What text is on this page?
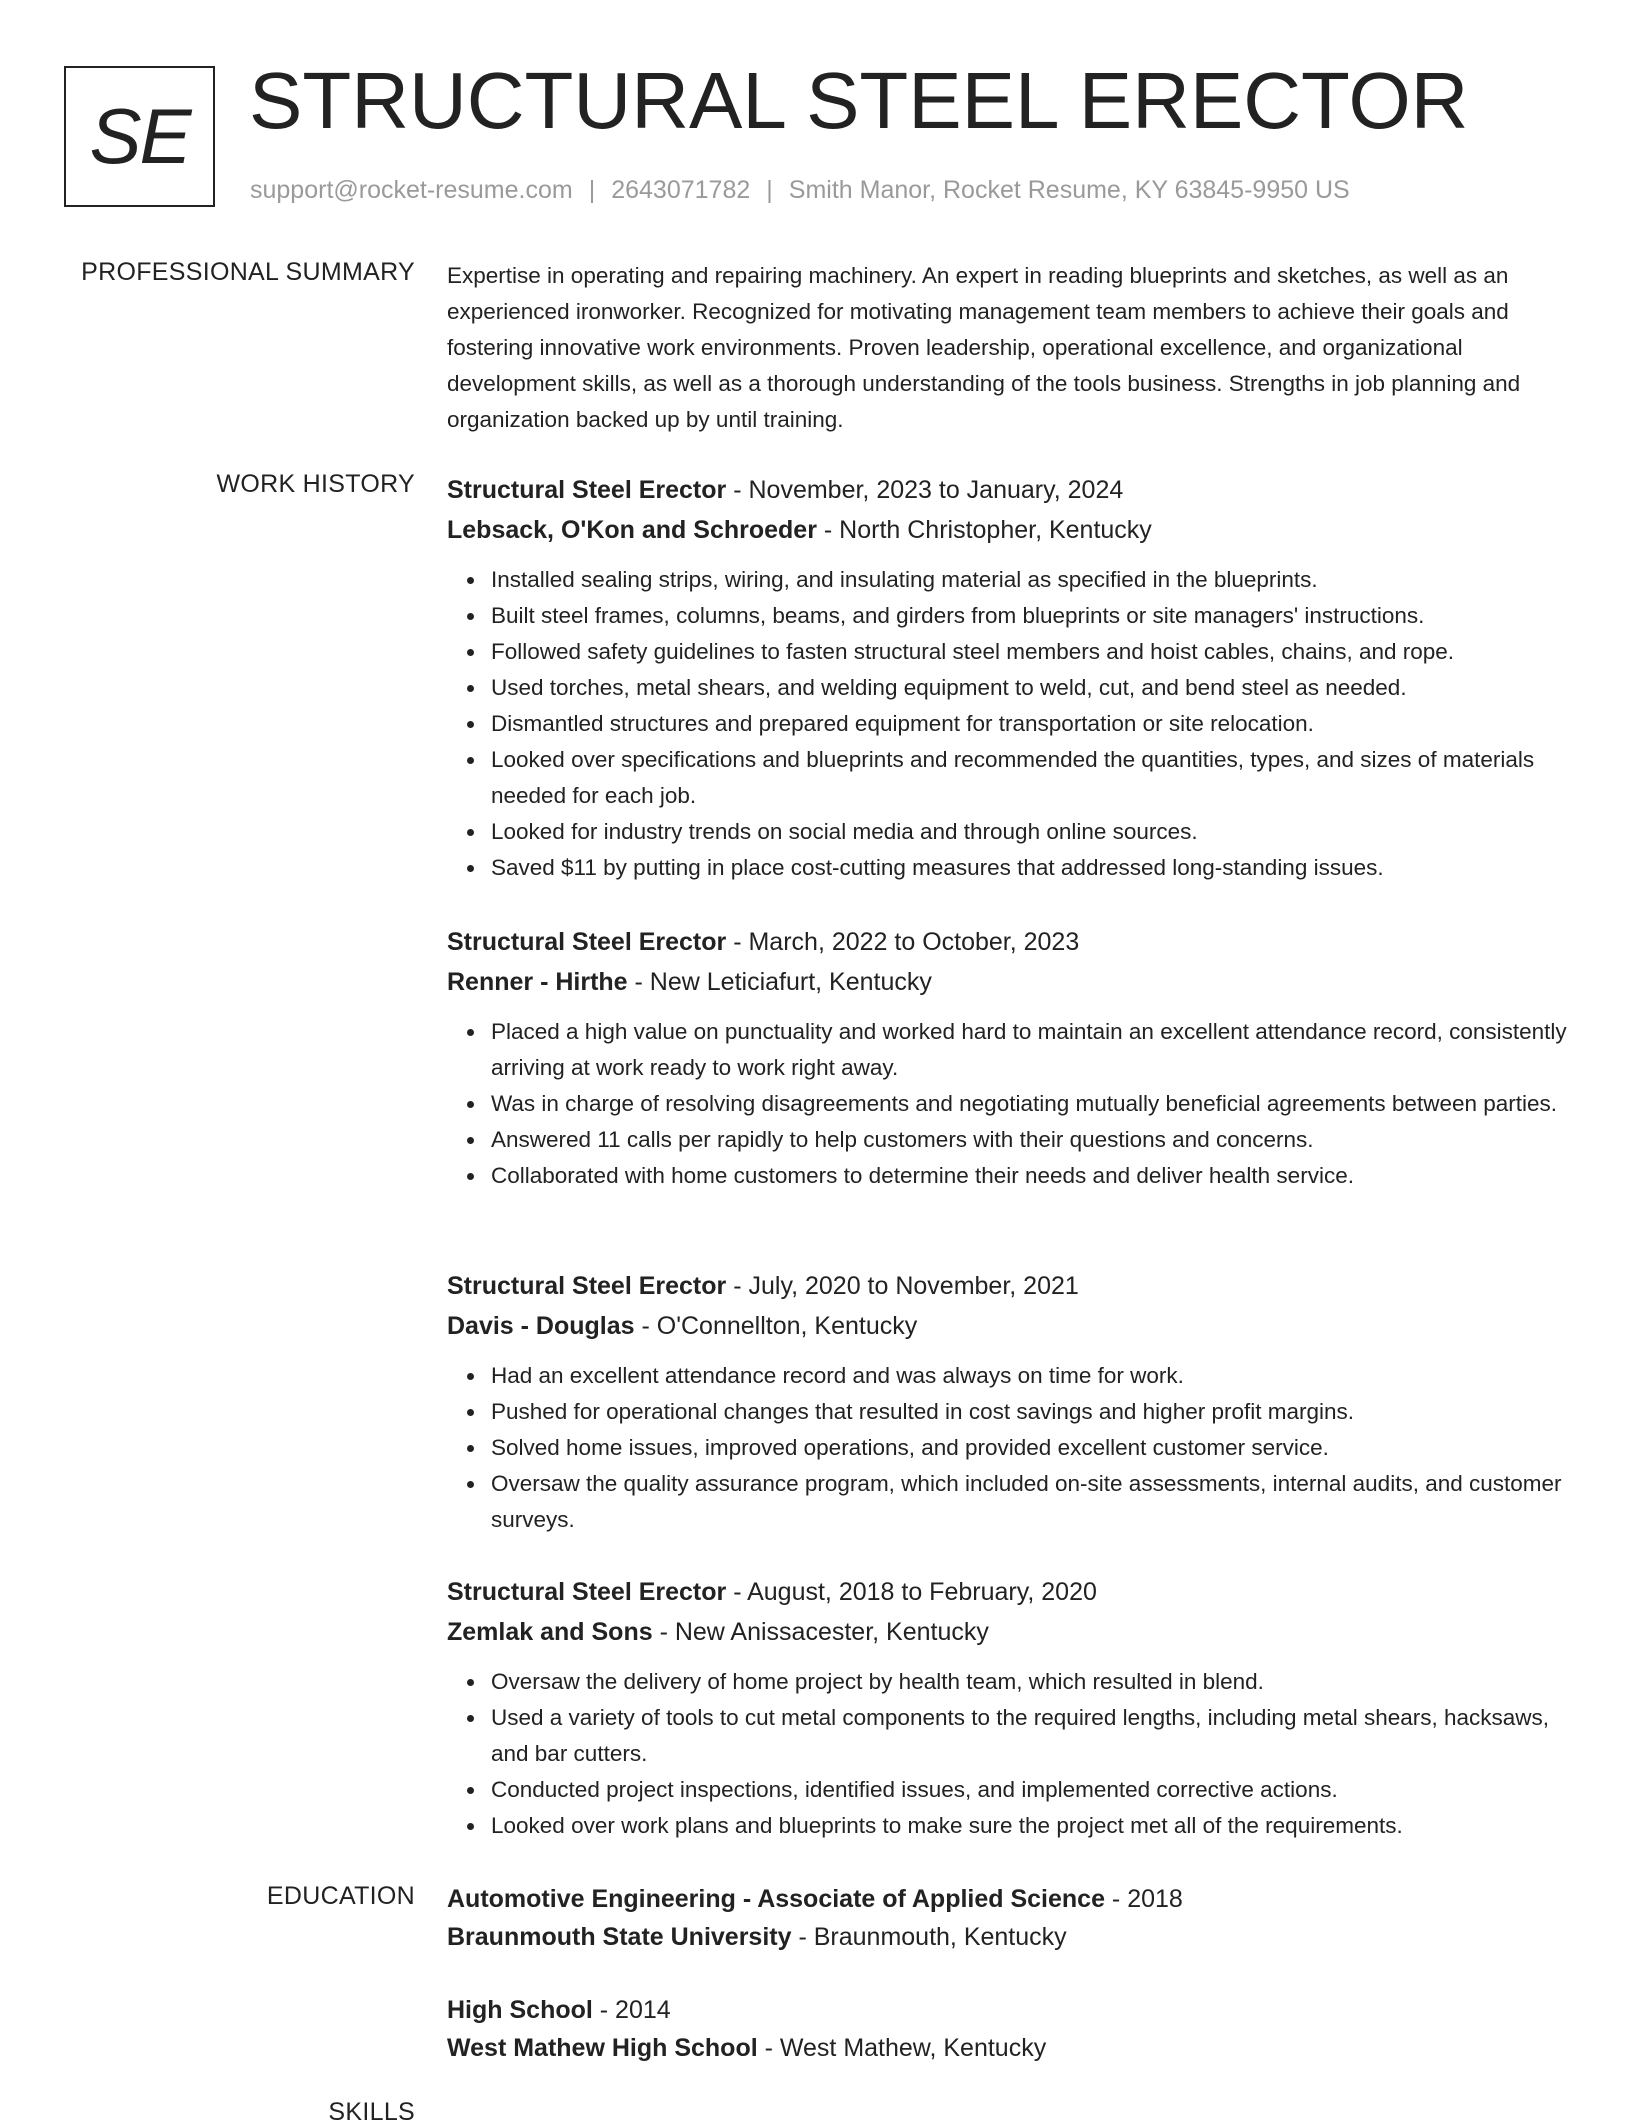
SE STRUCTURAL STEEL ERECTOR
support@rocket-resume.com | 2643071782 | Smith Manor, Rocket Resume, KY 63845-9950 US
PROFESSIONAL SUMMARY Expertise in operating and repairing machinery. An expert in reading blueprints and sketches, as well as an experienced ironworker. Recognized for motivating management team members to achieve their goals and fostering innovative work environments. Proven leadership, operational excellence, and organizational development skills, as well as a thorough understanding of the tools business. Strengths in job planning and organization backed up by until training.
WORK HISTORY Structural Steel Erector - November, 2023 to January, 2024
Lebsack, O'Kon and Schroeder - North Christopher, Kentucky
Installed sealing strips, wiring, and insulating material as specified in the blueprints.
Built steel frames, columns, beams, and girders from blueprints or site managers' instructions.
Followed safety guidelines to fasten structural steel members and hoist cables, chains, and rope.
Used torches, metal shears, and welding equipment to weld, cut, and bend steel as needed.
Dismantled structures and prepared equipment for transportation or site relocation.
Looked over specifications and blueprints and recommended the quantities, types, and sizes of materials needed for each job.
Looked for industry trends on social media and through online sources.
Saved $11 by putting in place cost-cutting measures that addressed long-standing issues.
Structural Steel Erector - March, 2022 to October, 2023
Renner - Hirthe - New Leticiafurt, Kentucky
Placed a high value on punctuality and worked hard to maintain an excellent attendance record, consistently arriving at work ready to work right away.
Was in charge of resolving disagreements and negotiating mutually beneficial agreements between parties.
Answered 11 calls per rapidly to help customers with their questions and concerns.
Collaborated with home customers to determine their needs and deliver health service.
Structural Steel Erector - July, 2020 to November, 2021
Davis - Douglas - O'Connellton, Kentucky
Had an excellent attendance record and was always on time for work.
Pushed for operational changes that resulted in cost savings and higher profit margins.
Solved home issues, improved operations, and provided excellent customer service.
Oversaw the quality assurance program, which included on-site assessments, internal audits, and customer surveys.
Structural Steel Erector - August, 2018 to February, 2020
Zemlak and Sons - New Anissacester, Kentucky
Oversaw the delivery of home project by health team, which resulted in blend.
Used a variety of tools to cut metal components to the required lengths, including metal shears, hacksaws, and bar cutters.
Conducted project inspections, identified issues, and implemented corrective actions.
Looked over work plans and blueprints to make sure the project met all of the requirements.
EDUCATION Automotive Engineering - Associate of Applied Science - 2018
Braunmouth State University - Braunmouth, Kentucky
High School - 2014
West Mathew High School - West Mathew, Kentucky
SKILLS
